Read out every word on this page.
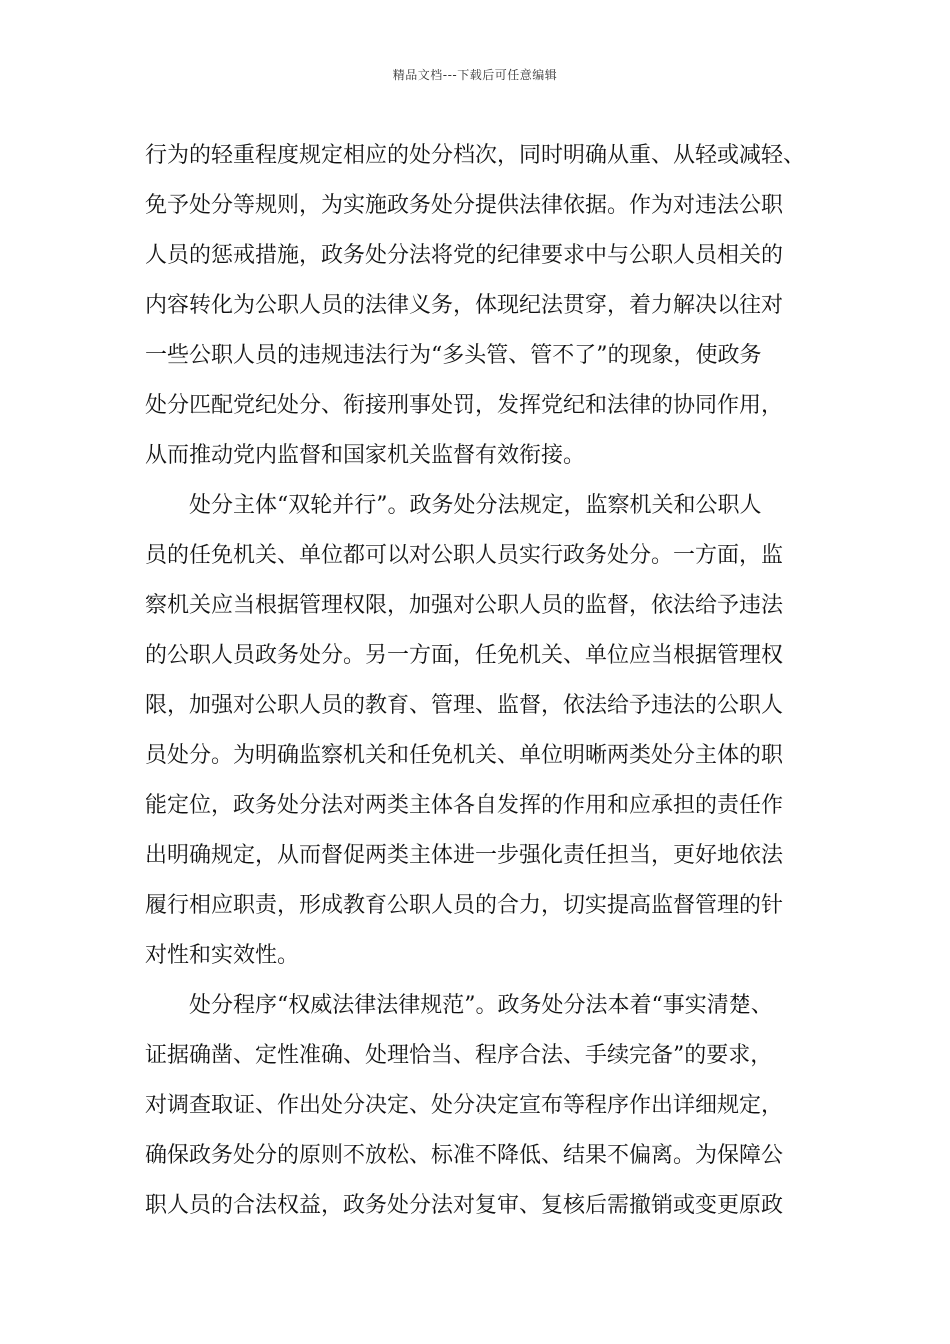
精品文档---下载后可任意编辑
行为的轻重程度规定相应的处分档次，同时明确从重、从轻或减轻、
免予处分等规则，为实施政务处分提供法律依据。作为对违法公职
人员的惩戒措施，政务处分法将党的纪律要求中与公职人员相关的
内容转化为公职人员的法律义务，体现纪法贯穿，着力解决以往对
一些公职人员的违规违法行为“多头管、管不了”的现象，使政务
处分匹配党纪处分、衔接刑事处罚，发挥党纪和法律的协同作用，
从而推动党内监督和国家机关监督有效衔接。
处分主体“双轮并行”。政务处分法规定，监察机关和公职人
员的任免机关、单位都可以对公职人员实行政务处分。一方面，监
察机关应当根据管理权限，加强对公职人员的监督，依法给予违法
的公职人员政务处分。另一方面，任免机关、单位应当根据管理权
限，加强对公职人员的教育、管理、监督，依法给予违法的公职人
员处分。为明确监察机关和任免机关、单位明晰两类处分主体的职
能定位，政务处分法对两类主体各自发挥的作用和应承担的责任作
出明确规定，从而督促两类主体进一步强化责任担当，更好地依法
履行相应职责，形成教育公职人员的合力，切实提高监督管理的针
对性和实效性。
处分程序“权威法律法律规范”。政务处分法本着“事实清楚、
证据确凿、定性准确、处理恰当、程序合法、手续完备”的要求，
对调查取证、作出处分决定、处分决定宣布等程序作出详细规定，
确保政务处分的原则不放松、标准不降低、结果不偏离。为保障公
职人员的合法权益，政务处分法对复审、复核后需撤销或变更原政
